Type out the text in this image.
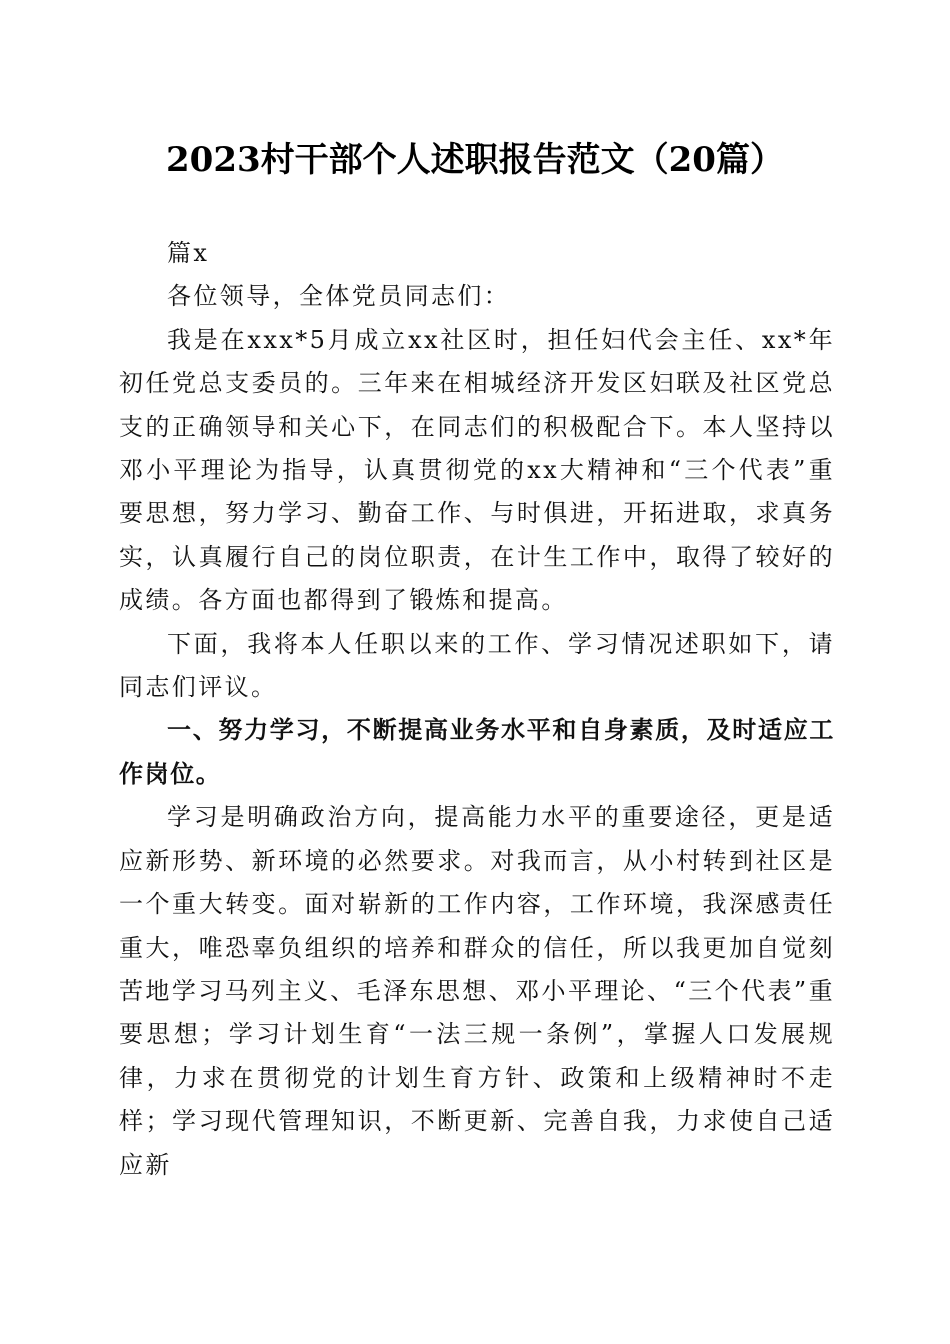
2023村干部个人述职报告范文（20篇）

篇x

各位领导，全体党员同志们：

我是在xxx*5月成立xx社区时，担任妇代会主任、xx*年初任党总支委员的。三年来在相城经济开发区妇联及社区党总支的正确领导和关心下，在同志们的积极配合下。本人坚持以邓小平理论为指导，认真贯彻党的xx大精神和“三个代表”重要思想，努力学习、勤奋工作、与时俱进，开拓进取，求真务实，认真履行自己的岗位职责，在计生工作中，取得了较好的成绩。各方面也都得到了锻炼和提高。

下面，我将本人任职以来的工作、学习情况述职如下，请同志们评议。

一、努力学习，不断提高业务水平和自身素质，及时适应工作岗位。

学习是明确政治方向，提高能力水平的重要途径，更是适应新形势、新环境的必然要求。对我而言，从小村转到社区是一个重大转变。面对崭新的工作内容，工作环境，我深感责任重大，唯恐辜负组织的培养和群众的信任，所以我更加自觉刻苦地学习马列主义、毛泽东思想、邓小平理论、“三个代表”重要思想；学习计划生育“一法三规一条例”，掌握人口发展规律，力求在贯彻党的计划生育方针、政策和上级精神时不走样；学习现代管理知识，不断更新、完善自我，力求使自己适应新
